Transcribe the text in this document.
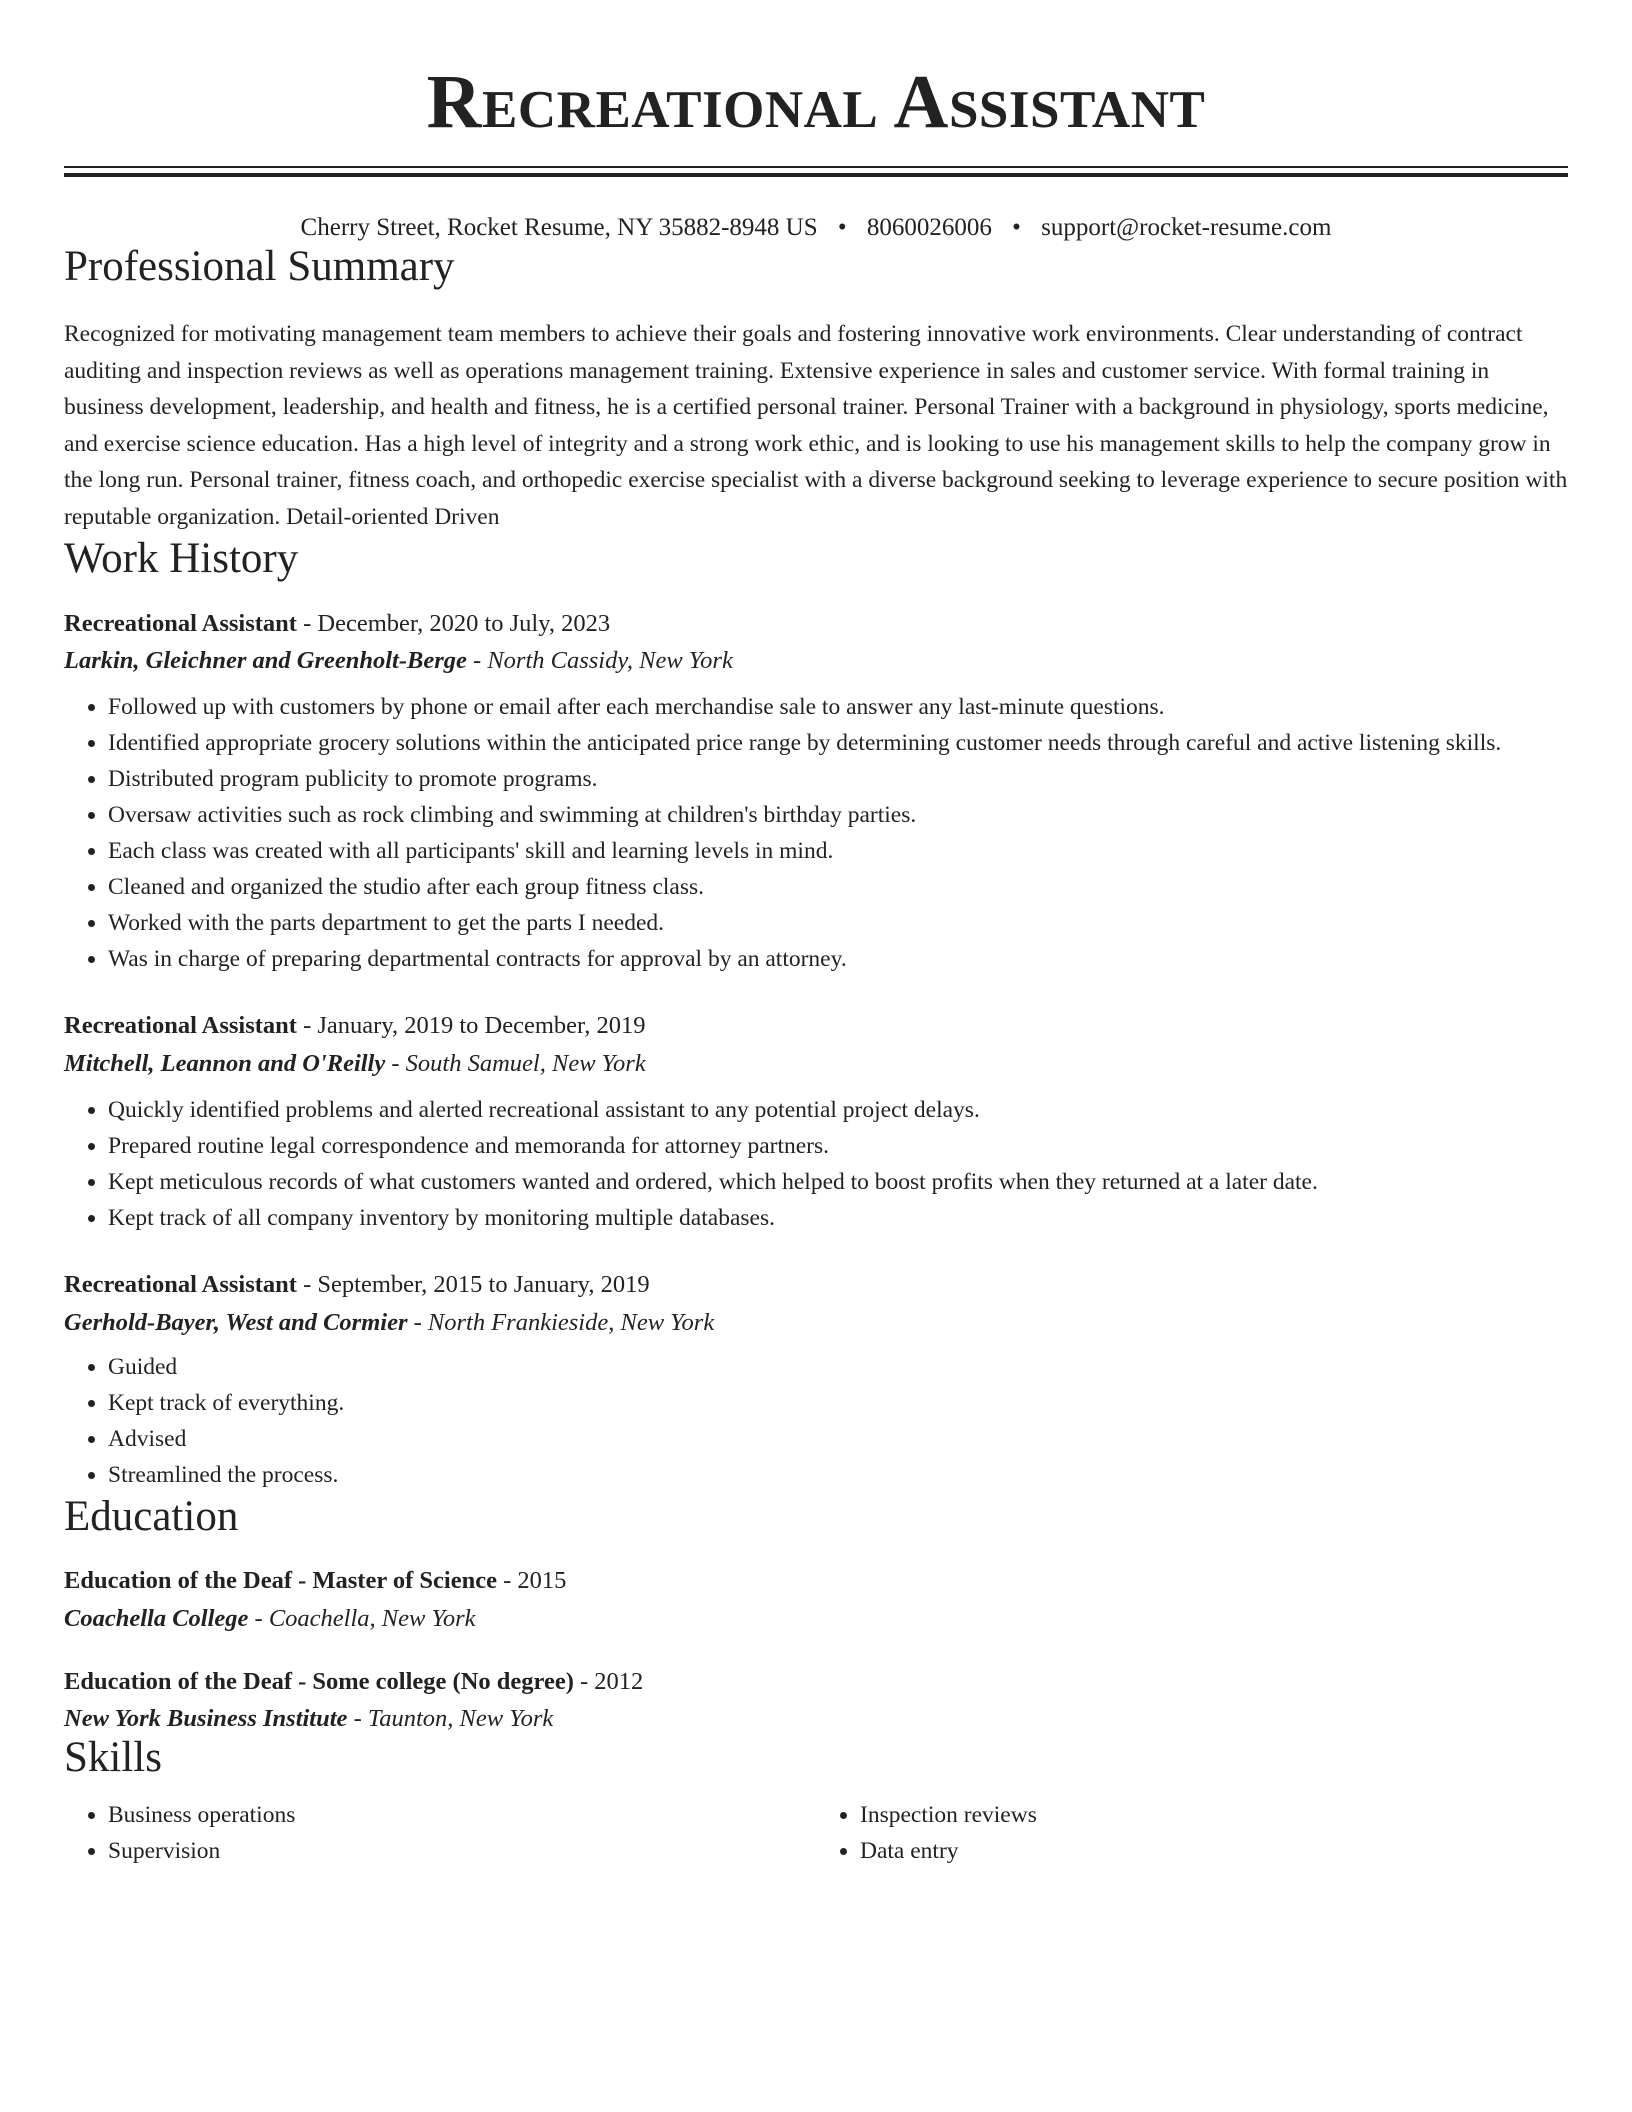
Recreational Assistant
Cherry Street, Rocket Resume, NY 35882-8948 US • 8060026006 • support@rocket-resume.com
Professional Summary
Recognized for motivating management team members to achieve their goals and fostering innovative work environments. Clear understanding of contract auditing and inspection reviews as well as operations management training. Extensive experience in sales and customer service. With formal training in business development, leadership, and health and fitness, he is a certified personal trainer. Personal Trainer with a background in physiology, sports medicine, and exercise science education. Has a high level of integrity and a strong work ethic, and is looking to use his management skills to help the company grow in the long run. Personal trainer, fitness coach, and orthopedic exercise specialist with a diverse background seeking to leverage experience to secure position with reputable organization. Detail-oriented Driven
Work History
Recreational Assistant - December, 2020 to July, 2023
Larkin, Gleichner and Greenholt-Berge - North Cassidy, New York
• Followed up with customers by phone or email after each merchandise sale to answer any last-minute questions.
• Identified appropriate grocery solutions within the anticipated price range by determining customer needs through careful and active listening skills.
• Distributed program publicity to promote programs.
• Oversaw activities such as rock climbing and swimming at children's birthday parties.
• Each class was created with all participants' skill and learning levels in mind.
• Cleaned and organized the studio after each group fitness class.
• Worked with the parts department to get the parts I needed.
• Was in charge of preparing departmental contracts for approval by an attorney.
Recreational Assistant - January, 2019 to December, 2019
Mitchell, Leannon and O'Reilly - South Samuel, New York
• Quickly identified problems and alerted recreational assistant to any potential project delays.
• Prepared routine legal correspondence and memoranda for attorney partners.
• Kept meticulous records of what customers wanted and ordered, which helped to boost profits when they returned at a later date.
• Kept track of all company inventory by monitoring multiple databases.
Recreational Assistant - September, 2015 to January, 2019
Gerhold-Bayer, West and Cormier - North Frankieside, New York
• Guided
• Kept track of everything.
• Advised
• Streamlined the process.
Education
Education of the Deaf - Master of Science - 2015
Coachella College - Coachella, New York
Education of the Deaf - Some college (No degree) - 2012
New York Business Institute - Taunton, New York
Skills
• Business operations
• Supervision
• Inspection reviews
• Data entry
